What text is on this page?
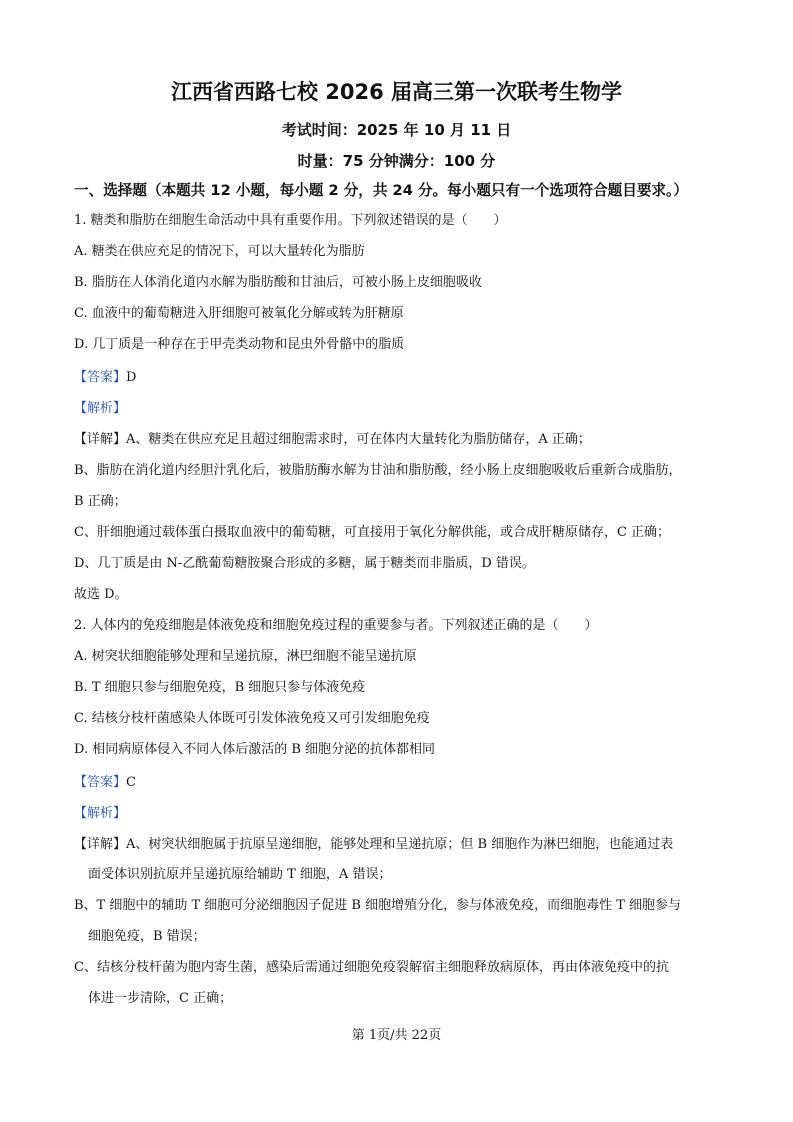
江西省西路七校 2026 届高三第一次联考生物学
考试时间：2025 年 10 月 11 日
时量：75 分钟满分：100 分
一、选择题（本题共 12 小题，每小题 2 分，共 24 分。每小题只有一个选项符合题目要求。）
1. 糖类和脂肪在细胞生命活动中具有重要作用。下列叙述错误的是（　　）
A. 糖类在供应充足的情况下，可以大量转化为脂肪
B. 脂肪在人体消化道内水解为脂肪酸和甘油后，可被小肠上皮细胞吸收
C. 血液中的葡萄糖进入肝细胞可被氧化分解或转为肝糖原
D. 几丁质是一种存在于甲壳类动物和昆虫外骨骼中的脂质
【答案】D
【解析】
【详解】A、糖类在供应充足且超过细胞需求时，可在体内大量转化为脂肪储存，A 正确；
B、脂肪在消化道内经胆汁乳化后，被脂肪酶水解为甘油和脂肪酸，经小肠上皮细胞吸收后重新合成脂肪，
B 正确；
C、肝细胞通过载体蛋白摄取血液中的葡萄糖，可直接用于氧化分解供能，或合成肝糖原储存，C 正确；
D、几丁质是由 N-乙酰葡萄糖胺聚合形成的多糖，属于糖类而非脂质，D 错误。
故选 D。
2. 人体内的免疫细胞是体液免疫和细胞免疫过程的重要参与者。下列叙述正确的是（　　）
A. 树突状细胞能够处理和呈递抗原，淋巴细胞不能呈递抗原
B. T 细胞只参与细胞免疫，B 细胞只参与体液免疫
C. 结核分枝杆菌感染人体既可引发体液免疫又可引发细胞免疫
D. 相同病原体侵入不同人体后激活的 B 细胞分泌的抗体都相同
【答案】C
【解析】
【详解】A、树突状细胞属于抗原呈递细胞，能够处理和呈递抗原；但 B 细胞作为淋巴细胞，也能通过表
面受体识别抗原并呈递抗原给辅助 T 细胞，A 错误；
B、T 细胞中的辅助 T 细胞可分泌细胞因子促进 B 细胞增殖分化，参与体液免疫，而细胞毒性 T 细胞参与
细胞免疫，B 错误；
C、结核分枝杆菌为胞内寄生菌，感染后需通过细胞免疫裂解宿主细胞释放病原体，再由体液免疫中的抗
体进一步清除，C 正确；
第 1页/共 22页
